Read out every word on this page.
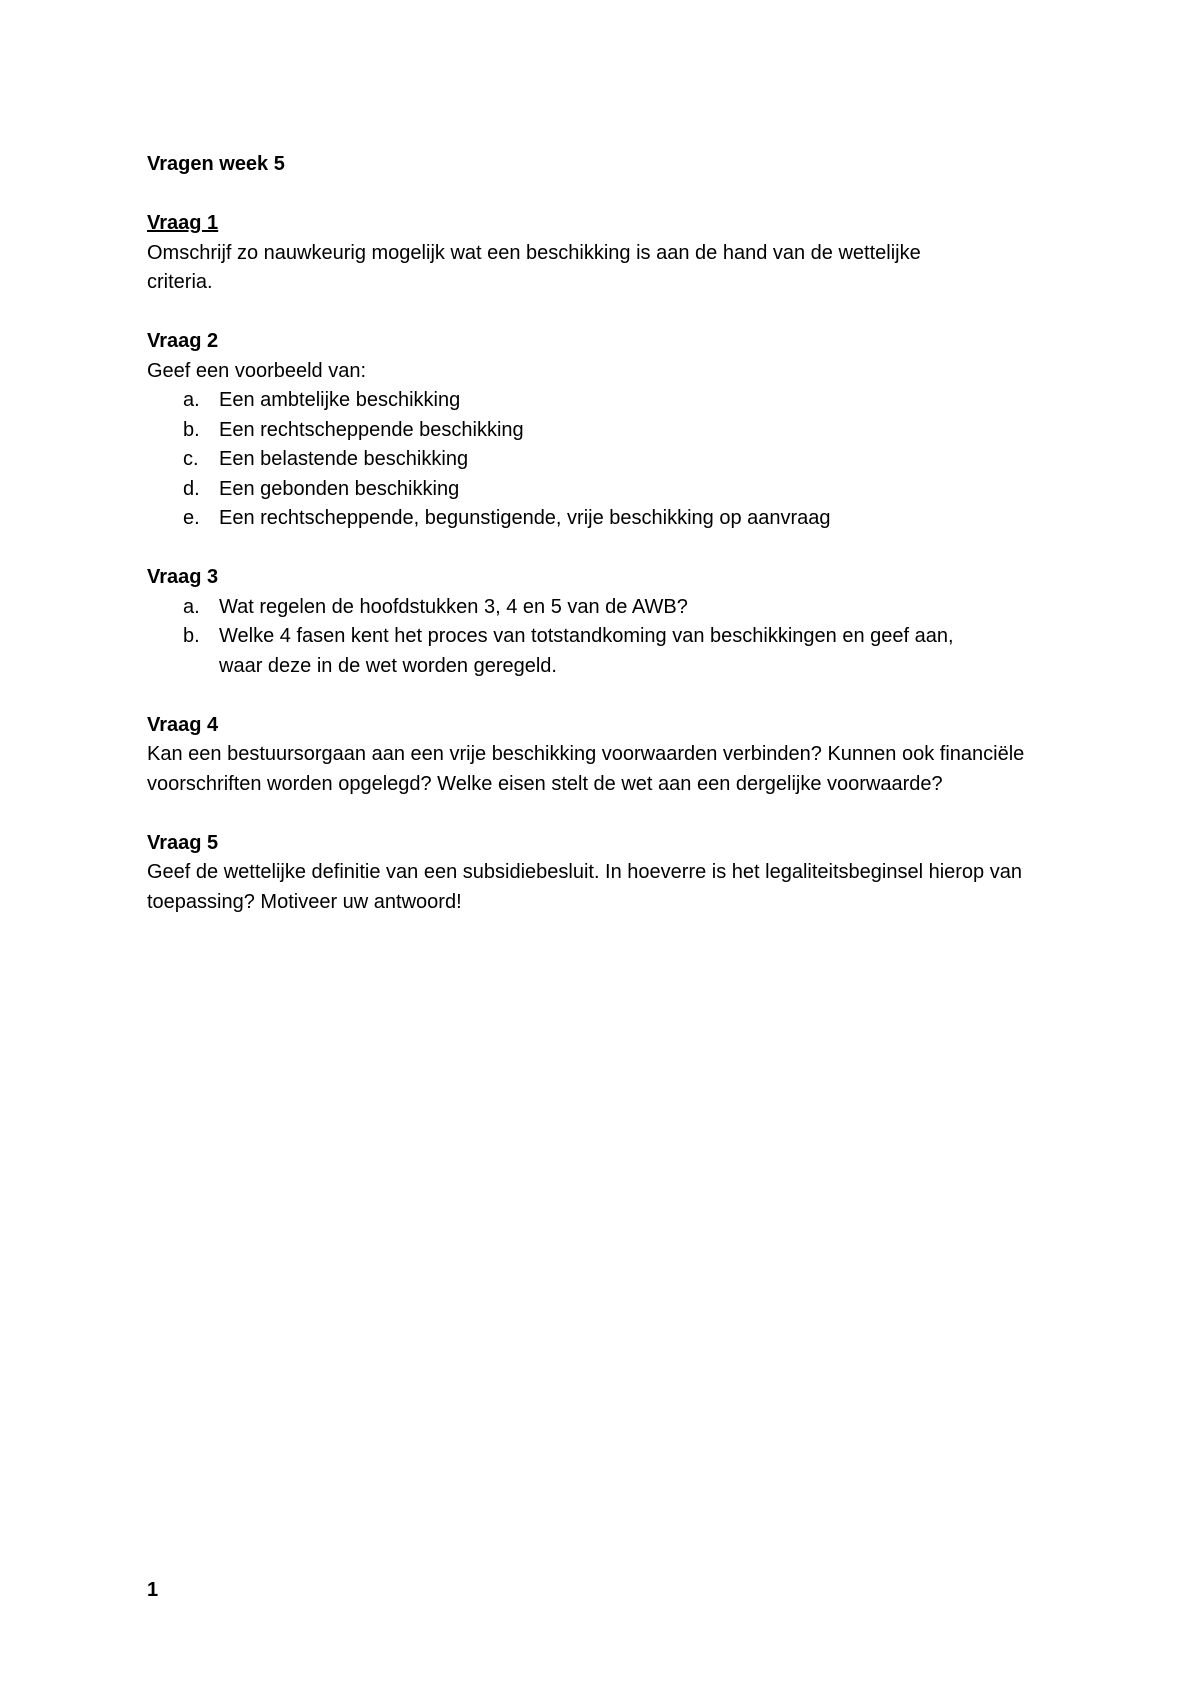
Vragen week 5

Vraag 1

Omschrijf zo nauwkeurig mogelijk wat een beschikking is aan de hand van de wettelijke criteria.

Vraag 2

Geef een voorbeeld van:

a. Een ambtelijke beschikking
b. Een rechtscheppende beschikking
c.	Een belastende beschikking
d. Een gebonden beschikking
e. Een rechtscheppende, begunstigende, vrije beschikking op aanvraag

Vraag 3

a. Wat regelen de hoofdstukken 3, 4 en 5 van de AWB?
b. Welke 4 fasen kent het proces van totstandkoming van beschikkingen en geef aan, waar deze in de wet worden geregeld.

Vraag 4

Kan een bestuursorgaan aan een vrije beschikking voorwaarden verbinden? Kunnen ook financiële voorschriften worden opgelegd? Welke eisen stelt de wet aan een dergelijke voorwaarde?

Vraag 5

Geef de wettelijke definitie van een subsidiebesluit. In hoeverre is het legaliteitsbeginsel hierop van toepassing? Motiveer uw antwoord!

1
